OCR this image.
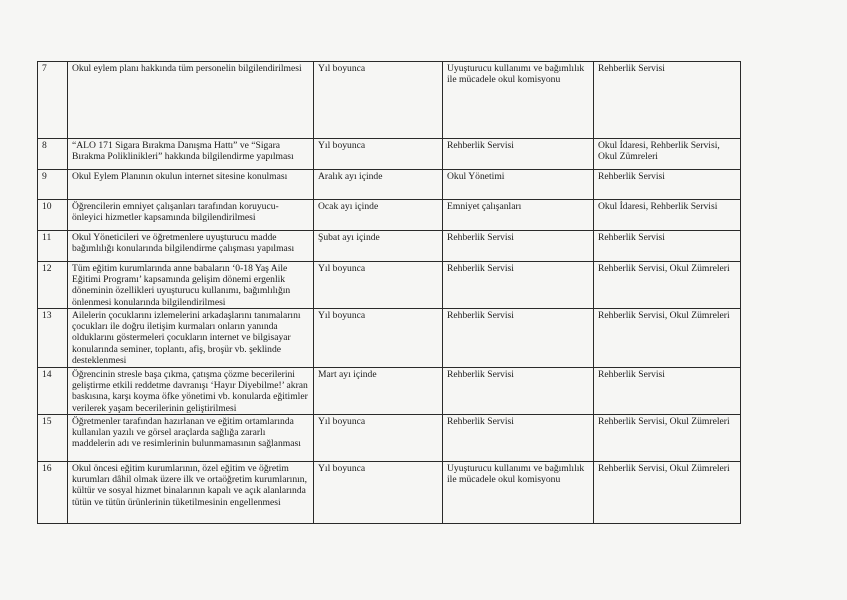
7	Okul eylem planı hakkında tüm personelin bilgilendirilmesi	Yıl boyunca	Uyuşturucu kullanımı ve bağımlılık ile mücadele okul komisyonu	Rehberlik Servisi
8	“ALO 171 Sigara Bırakma Danışma Hattı” ve “Sigara Bırakma Poliklinikleri” hakkında bilgilendirme yapılması	Yıl boyunca	Rehberlik Servisi	Okul İdaresi, Rehberlik Servisi, Okul Zümreleri
9	Okul Eylem Planının okulun internet sitesine konulması	Aralık ayı içinde	Okul Yönetimi	Rehberlik Servisi
10	Öğrencilerin emniyet çalışanları tarafından koruyucu-önleyici hizmetler kapsamında bilgilendirilmesi	Ocak ayı içinde	Emniyet çalışanları	Okul İdaresi, Rehberlik Servisi
11	Okul Yöneticileri ve öğretmenlere uyuşturucu madde bağımlılığı konularında bilgilendirme çalışması yapılması	Şubat ayı içinde	Rehberlik Servisi	Rehberlik Servisi
12	Tüm eğitim kurumlarında anne babaların ‘0-18 Yaş Aile Eğitimi Programı’ kapsamında gelişim dönemi ergenlik döneminin özellikleri uyuşturucu kullanımı, bağımlılığın önlenmesi konularında bilgilendirilmesi	Yıl boyunca	Rehberlik Servisi	Rehberlik Servisi, Okul Zümreleri
13	Ailelerin çocuklarını izlemelerini arkadaşlarını tanımalarını çocukları ile doğru iletişim kurmaları onların yanında olduklarını göstermeleri çocukların internet ve bilgisayar konularında seminer, toplantı, afiş, broşür vb. şeklinde desteklenmesi	Yıl boyunca	Rehberlik Servisi	Rehberlik Servisi, Okul Zümreleri
14	Öğrencinin stresle başa çıkma, çatışma çözme becerilerini geliştirme etkili reddetme davranışı ‘Hayır Diyebilme!’ akran baskısına, karşı koyma öfke yönetimi vb. konularda eğitimler verilerek yaşam becerilerinin geliştirilmesi	Mart ayı içinde	Rehberlik Servisi	Rehberlik Servisi
15	Öğretmenler tarafından hazırlanan ve eğitim ortamlarında kullanılan yazılı ve görsel araçlarda sağlığa zararlı maddelerin adı ve resimlerinin bulunmamasının sağlanması	Yıl boyunca	Rehberlik Servisi	Rehberlik Servisi, Okul Zümreleri
16	Okul öncesi eğitim kurumlarının, özel eğitim ve öğretim kurumları dâhil olmak üzere ilk ve ortaöğretim kurumlarının, kültür ve sosyal hizmet binalarının kapalı ve açık alanlarında tütün ve tütün ürünlerinin tüketilmesinin engellenmesi	Yıl boyunca	Uyuşturucu kullanımı ve bağımlılık ile mücadele okul komisyonu	Rehberlik Servisi, Okul Zümreleri
